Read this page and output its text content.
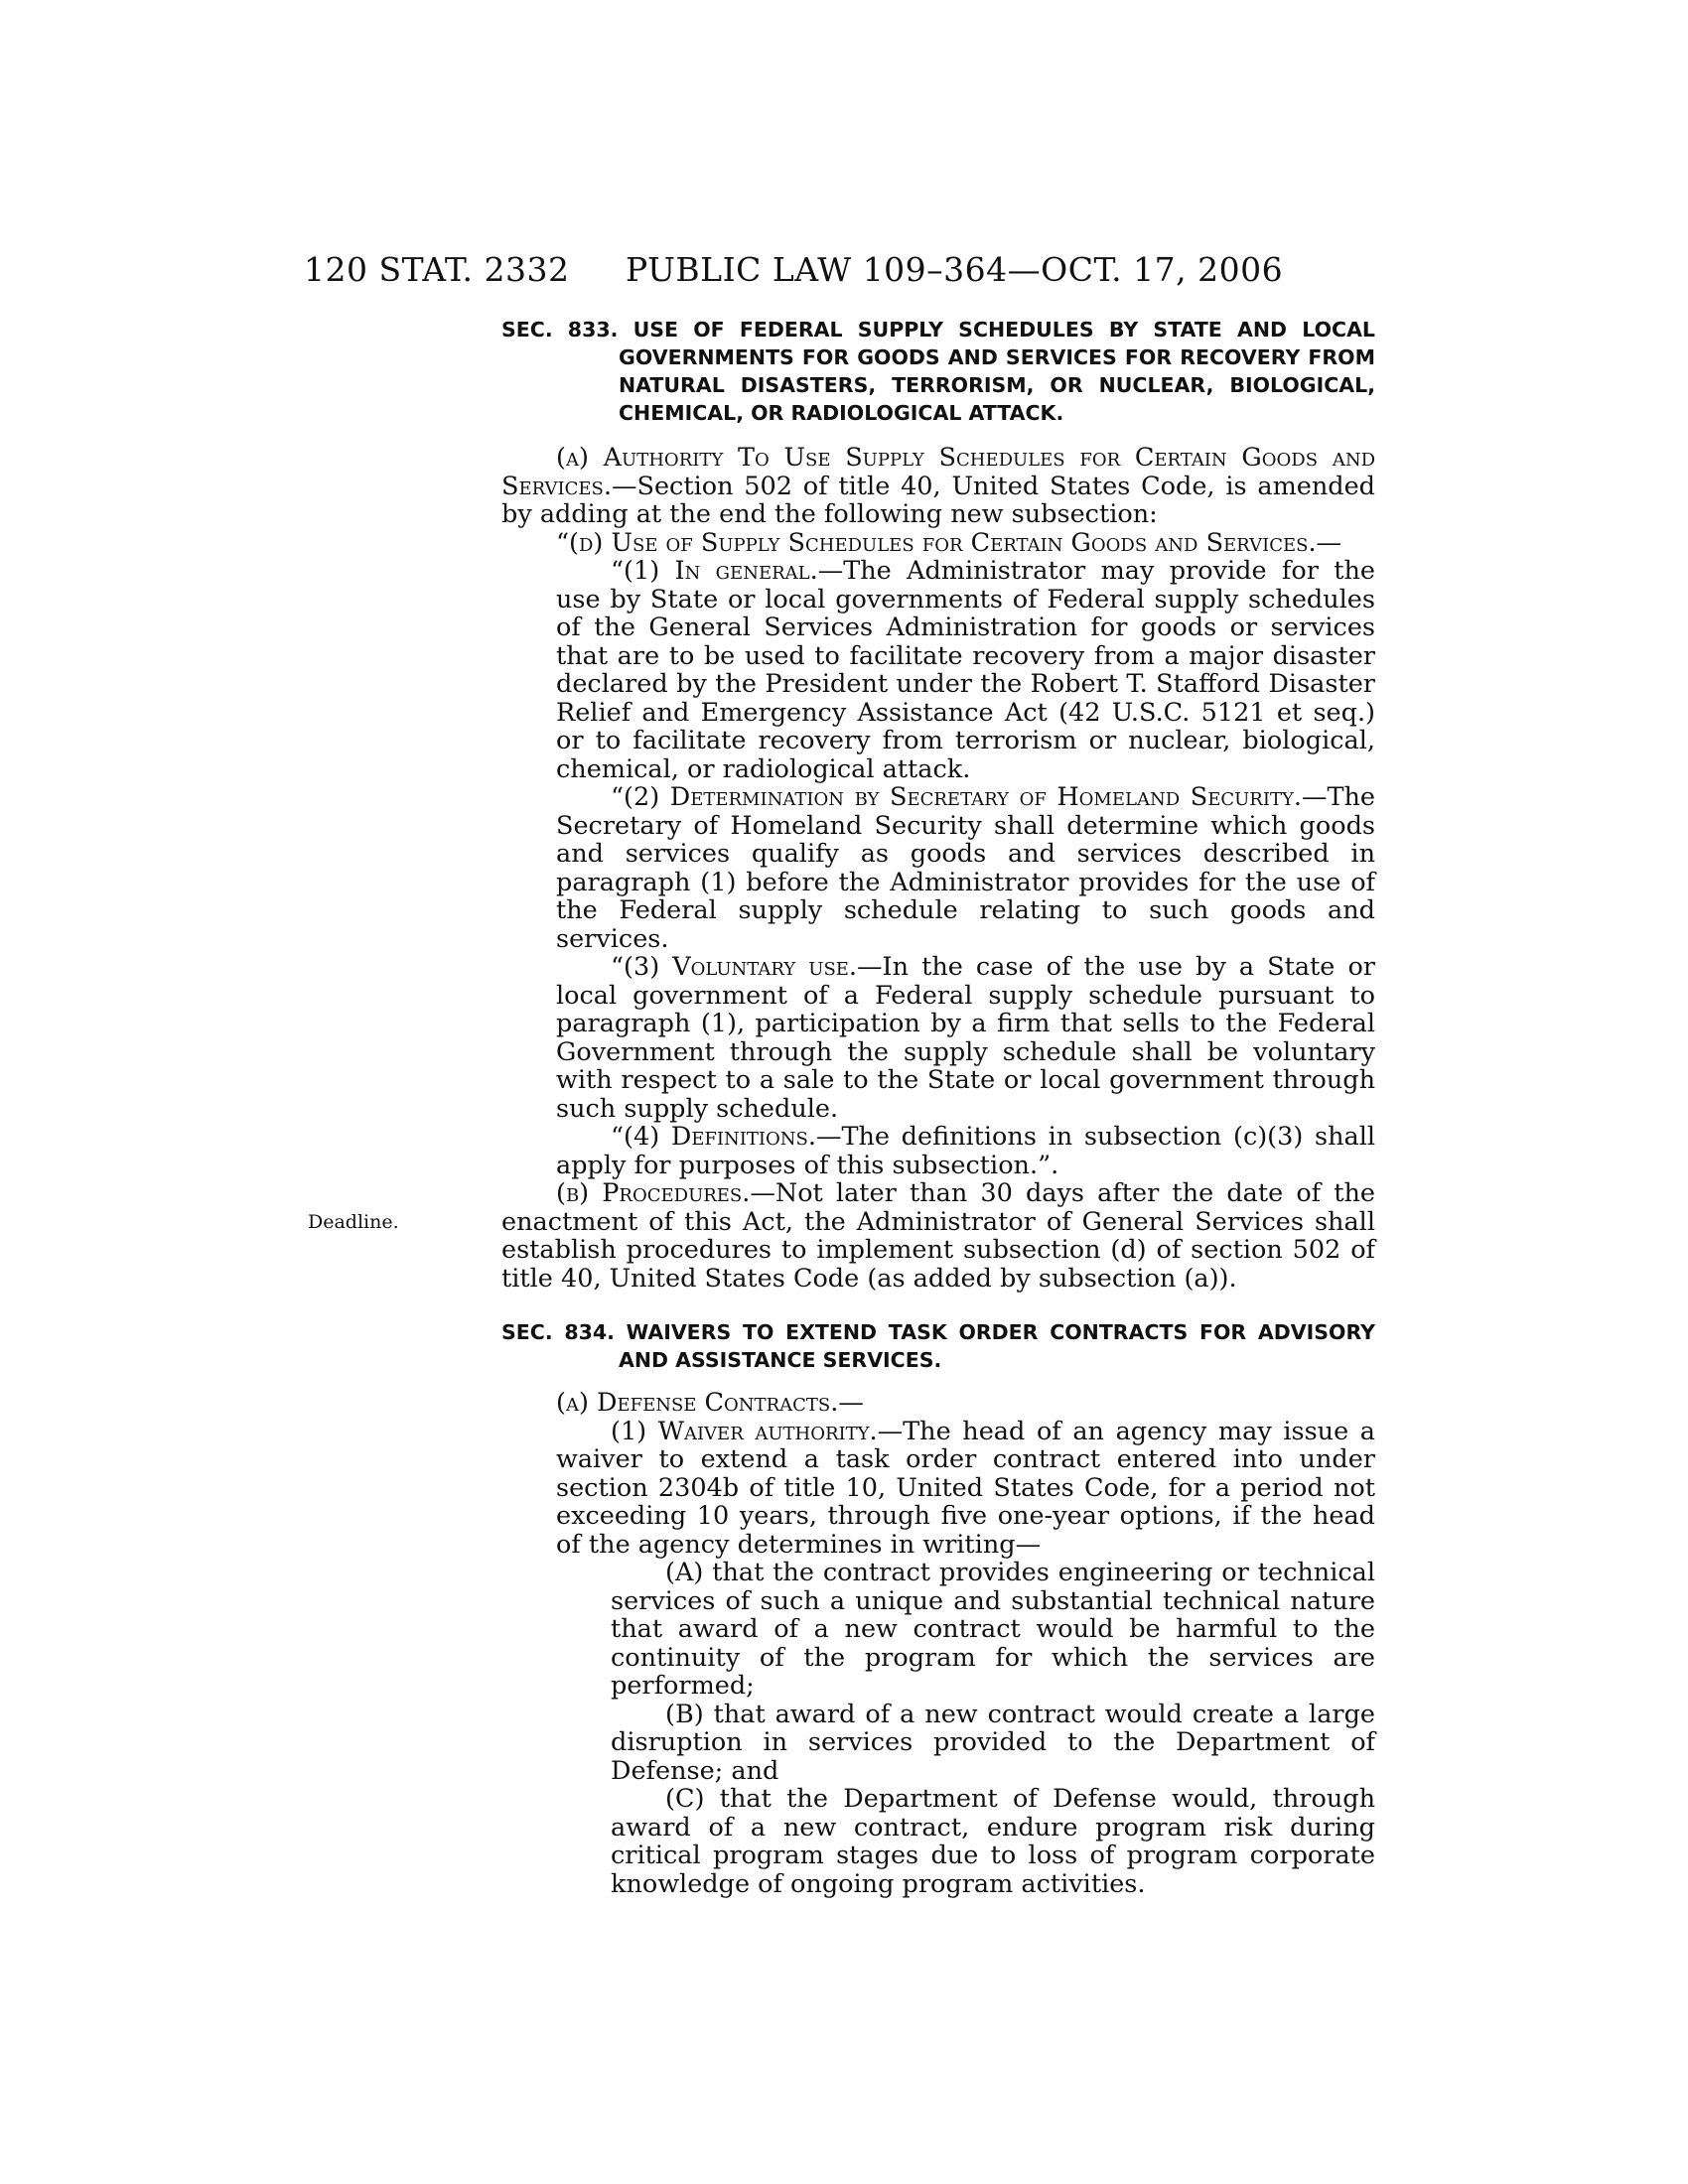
120 STAT. 2332 PUBLIC LAW 109–364—OCT. 17, 2006
Deadline.
SEC. 833. USE OF FEDERAL SUPPLY SCHEDULES BY STATE AND LOCAL GOVERNMENTS FOR GOODS AND SERVICES FOR RECOVERY FROM NATURAL DISASTERS, TERRORISM, OR NUCLEAR, BIOLOGICAL, CHEMICAL, OR RADIOLOGICAL ATTACK.
(a) Authority To Use Supply Schedules for Certain Goods and Services.—Section 502 of title 40, United States Code, is amended by adding at the end the following new subsection:
“(d) Use of Supply Schedules for Certain Goods and Services.—
“(1) In general.—The Administrator may provide for the use by State or local governments of Federal supply schedules of the General Services Administration for goods or services that are to be used to facilitate recovery from a major disaster declared by the President under the Robert T. Stafford Disaster Relief and Emergency Assistance Act (42 U.S.C. 5121 et seq.) or to facilitate recovery from terrorism or nuclear, biological, chemical, or radiological attack.
“(2) Determination by Secretary of Homeland Security.—The Secretary of Homeland Security shall determine which goods and services qualify as goods and services described in paragraph (1) before the Administrator provides for the use of the Federal supply schedule relating to such goods and services.
“(3) Voluntary use.—In the case of the use by a State or local government of a Federal supply schedule pursuant to paragraph (1), participation by a firm that sells to the Federal Government through the supply schedule shall be voluntary with respect to a sale to the State or local government through such supply schedule.
“(4) Definitions.—The definitions in subsection (c)(3) shall apply for purposes of this subsection.”.
(b) Procedures.—Not later than 30 days after the date of the enactment of this Act, the Administrator of General Services shall establish procedures to implement subsection (d) of section 502 of title 40, United States Code (as added by subsection (a)).
SEC. 834. WAIVERS TO EXTEND TASK ORDER CONTRACTS FOR ADVISORY AND ASSISTANCE SERVICES.
(a) Defense Contracts.—
(1) Waiver authority.—The head of an agency may issue a waiver to extend a task order contract entered into under section 2304b of title 10, United States Code, for a period not exceeding 10 years, through five one-year options, if the head of the agency determines in writing—
(A) that the contract provides engineering or technical services of such a unique and substantial technical nature that award of a new contract would be harmful to the continuity of the program for which the services are performed;
(B) that award of a new contract would create a large disruption in services provided to the Department of Defense; and
(C) that the Department of Defense would, through award of a new contract, endure program risk during critical program stages due to loss of program corporate knowledge of ongoing program activities.
